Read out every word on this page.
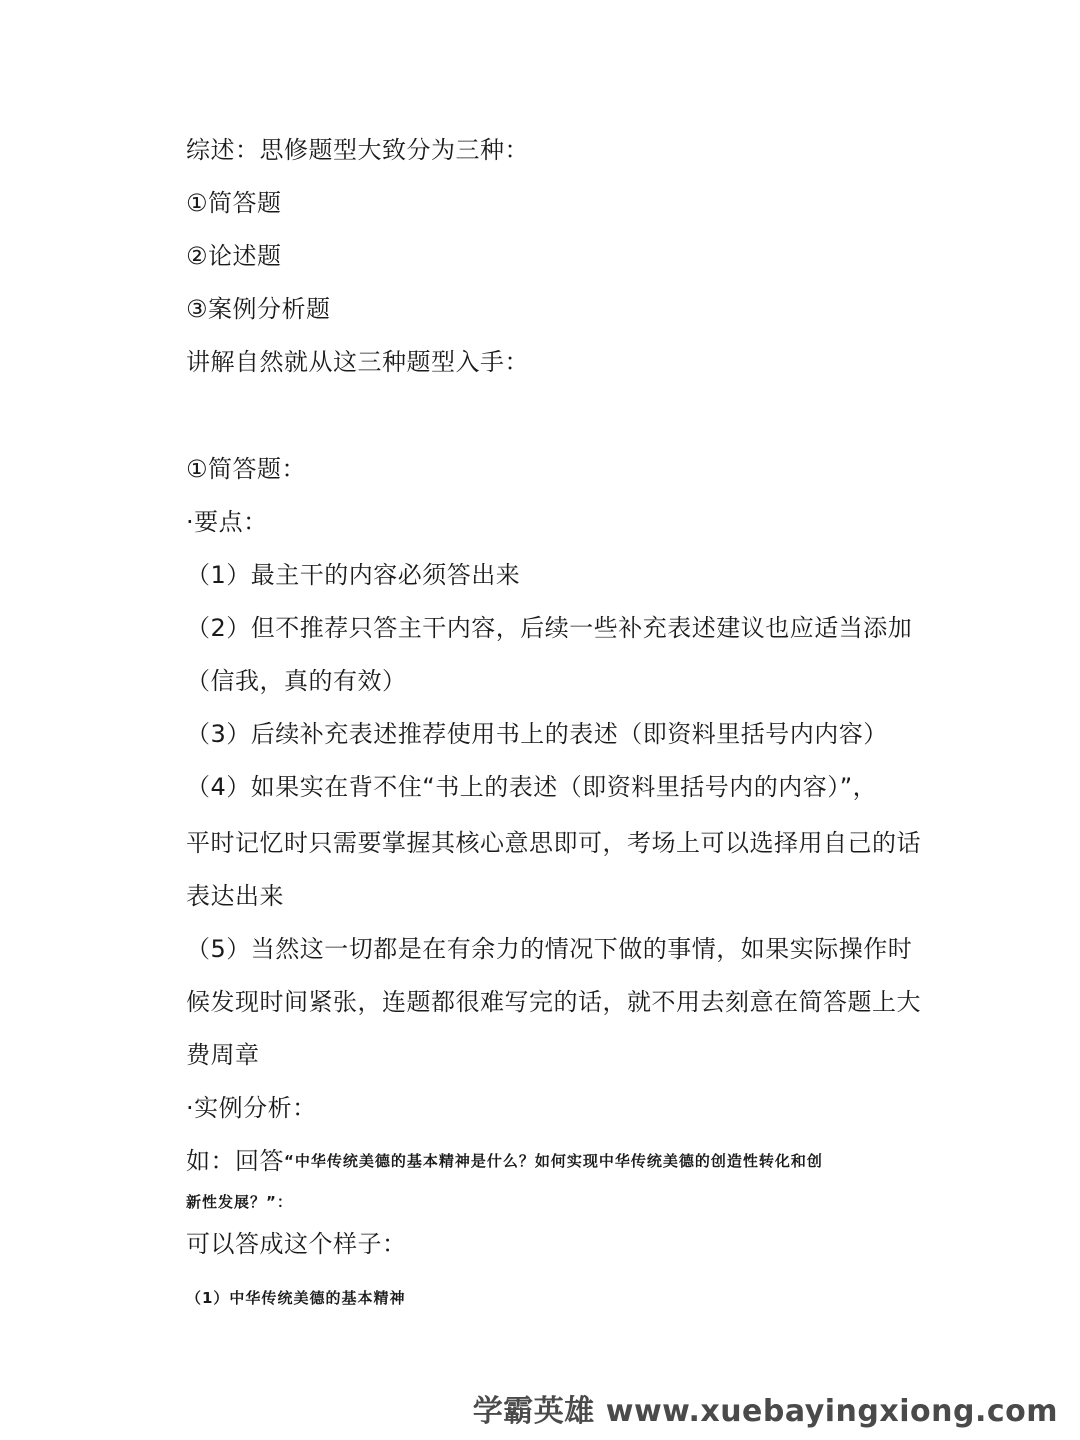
综述：思修题型大致分为三种：
①简答题
②论述题
③案例分析题
讲解自然就从这三种题型入手：
①简答题：
·要点：
（1）最主干的内容必须答出来
（2）但不推荐只答主干内容，后续一些补充表述建议也应适当添加
（信我，真的有效）
（3）后续补充表述推荐使用书上的表述（即资料里括号内内容）
（4）如果实在背不住“书上的表述（即资料里括号内的内容）”，
平时记忆时只需要掌握其核心意思即可，考场上可以选择用自己的话
表达出来
（5）当然这一切都是在有余力的情况下做的事情，如果实际操作时
候发现时间紧张，连题都很难写完的话，就不用去刻意在简答题上大
费周章
·实例分析：
如：回答“中华传统美德的基本精神是什么？如何实现中华传统美德的创造性转化和创
新性发展？”：
可以答成这个样子：
（1）中华传统美德的基本精神
学霸英雄 www.xuebayingxiong.com
